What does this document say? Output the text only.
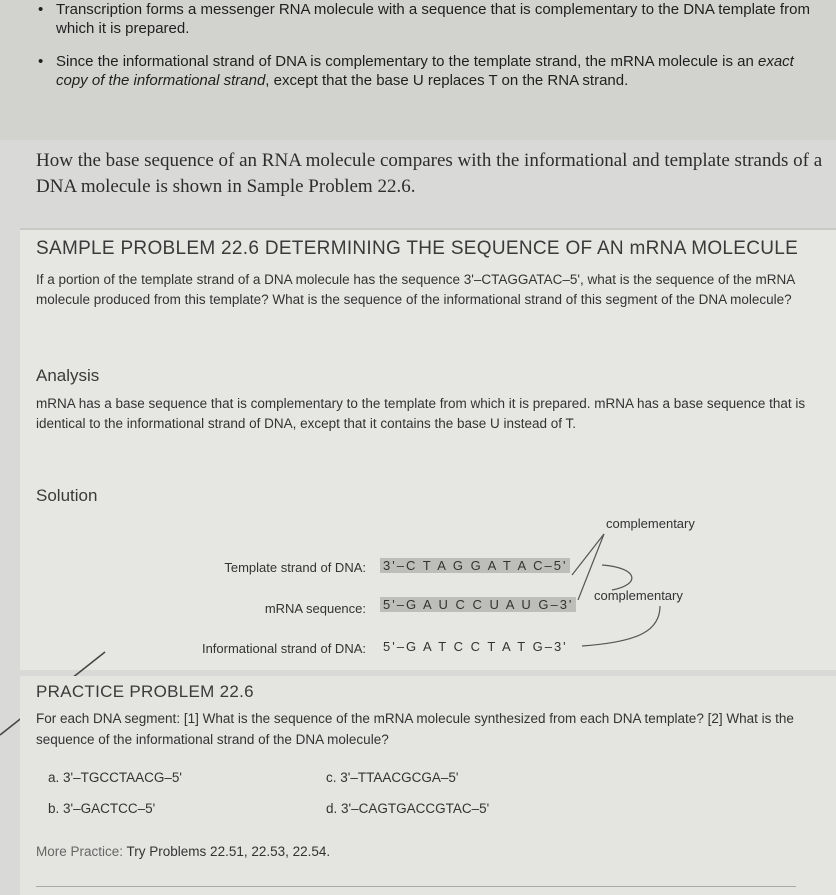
• Transcription forms a messenger RNA molecule with a sequence that is complementary to the DNA template from which it is prepared.
• Since the informational strand of DNA is complementary to the template strand, the mRNA molecule is an exact copy of the informational strand, except that the base U replaces T on the RNA strand.
How the base sequence of an RNA molecule compares with the informational and template strands of a DNA molecule is shown in Sample Problem 22.6.
SAMPLE PROBLEM 22.6 DETERMINING THE SEQUENCE OF AN mRNA MOLECULE
If a portion of the template strand of a DNA molecule has the sequence 3'–CTAGGATAC–5', what is the sequence of the mRNA molecule produced from this template? What is the sequence of the informational strand of this segment of the DNA molecule?
Analysis
mRNA has a base sequence that is complementary to the template from which it is prepared. mRNA has a base sequence that is identical to the informational strand of DNA, except that it contains the base U instead of T.
Solution
Template strand of DNA: 3'–C T A G G A T A C–5'
mRNA sequence: 5'–G A U C C U A U G–3'
Informational strand of DNA: 5'–G A T C C T A T G–3'
complementary
complementary
PRACTICE PROBLEM 22.6
For each DNA segment: [1] What is the sequence of the mRNA molecule synthesized from each DNA template? [2] What is the sequence of the informational strand of the DNA molecule?
a. 3'–TGCCTAACG–5'
b. 3'–GACTCC–5'
c. 3'–TTAACGCGA–5'
d. 3'–CAGTGACCGTAC–5'
More Practice: Try Problems 22.51, 22.53, 22.54.
